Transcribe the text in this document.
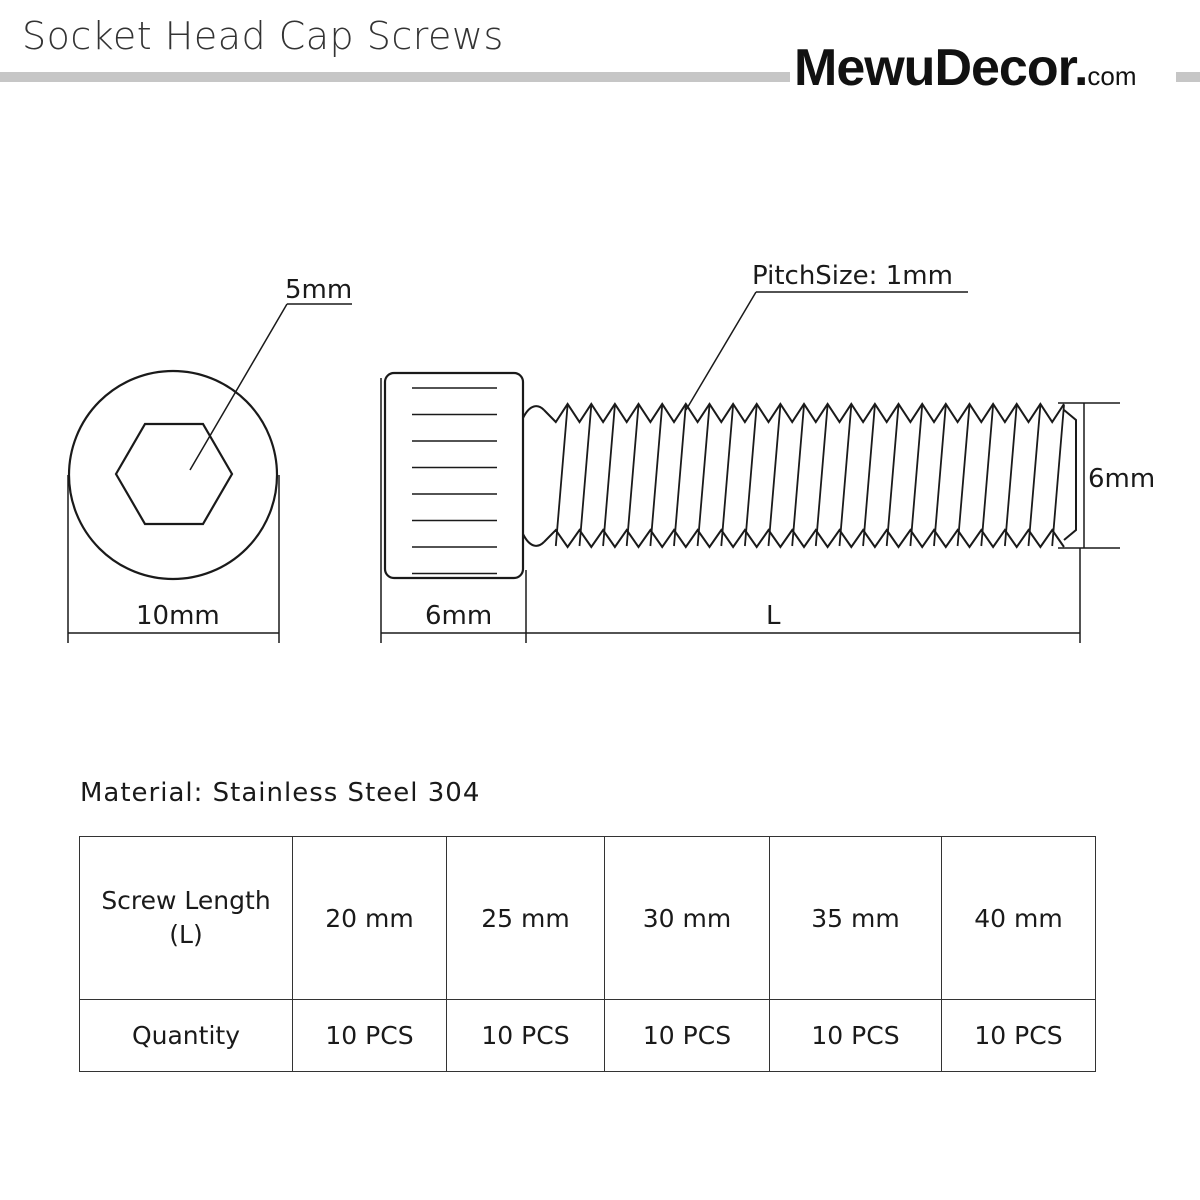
Socket Head Cap Screws
MewuDecor.com
5mm
10mm
PitchSize: 1mm
6mm
6mm	L
Material: Stainless Steel 304
Screw Length (L)	20 mm	25 mm	30 mm	35 mm	40 mm
Quantity	10 PCS	10 PCS	10 PCS	10 PCS	10 PCS
